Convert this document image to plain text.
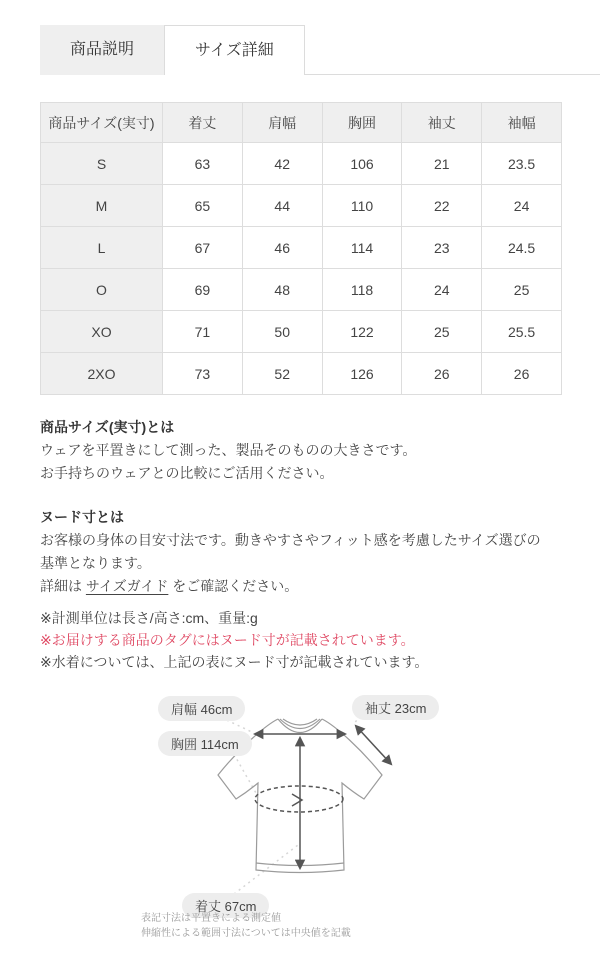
商品説明	サイズ詳細
商品サイズ(実寸)	着丈	肩幅	胸囲	袖丈	袖幅
S	63	42	106	21	23.5
M	65	44	110	22	24
L	67	46	114	23	24.5
O	69	48	118	24	25
XO	71	50	122	25	25.5
2XO	73	52	126	26	26
商品サイズ(実寸)とは

ウェアを平置きにして測った、製品そのものの大きさです。

お手持ちのウェアとの比較にご活用ください。

ヌード寸とは

お客様の身体の目安寸法です。動きやすさやフィット感を考慮したサイズ選びの基準となります。

詳細は サイズガイド をご確認ください。

※計測単位は長さ/高さ:cm、重量:g

※お届けする商品のタグにはヌード寸が記載されています。

※水着については、上記の表にヌード寸が記載されています。

肩幅 46cm	袖丈 23cm
胸囲 114cm
着丈 67cm
表記寸法は平置きによる測定値
伸縮性による範囲寸法については中央値を記載
